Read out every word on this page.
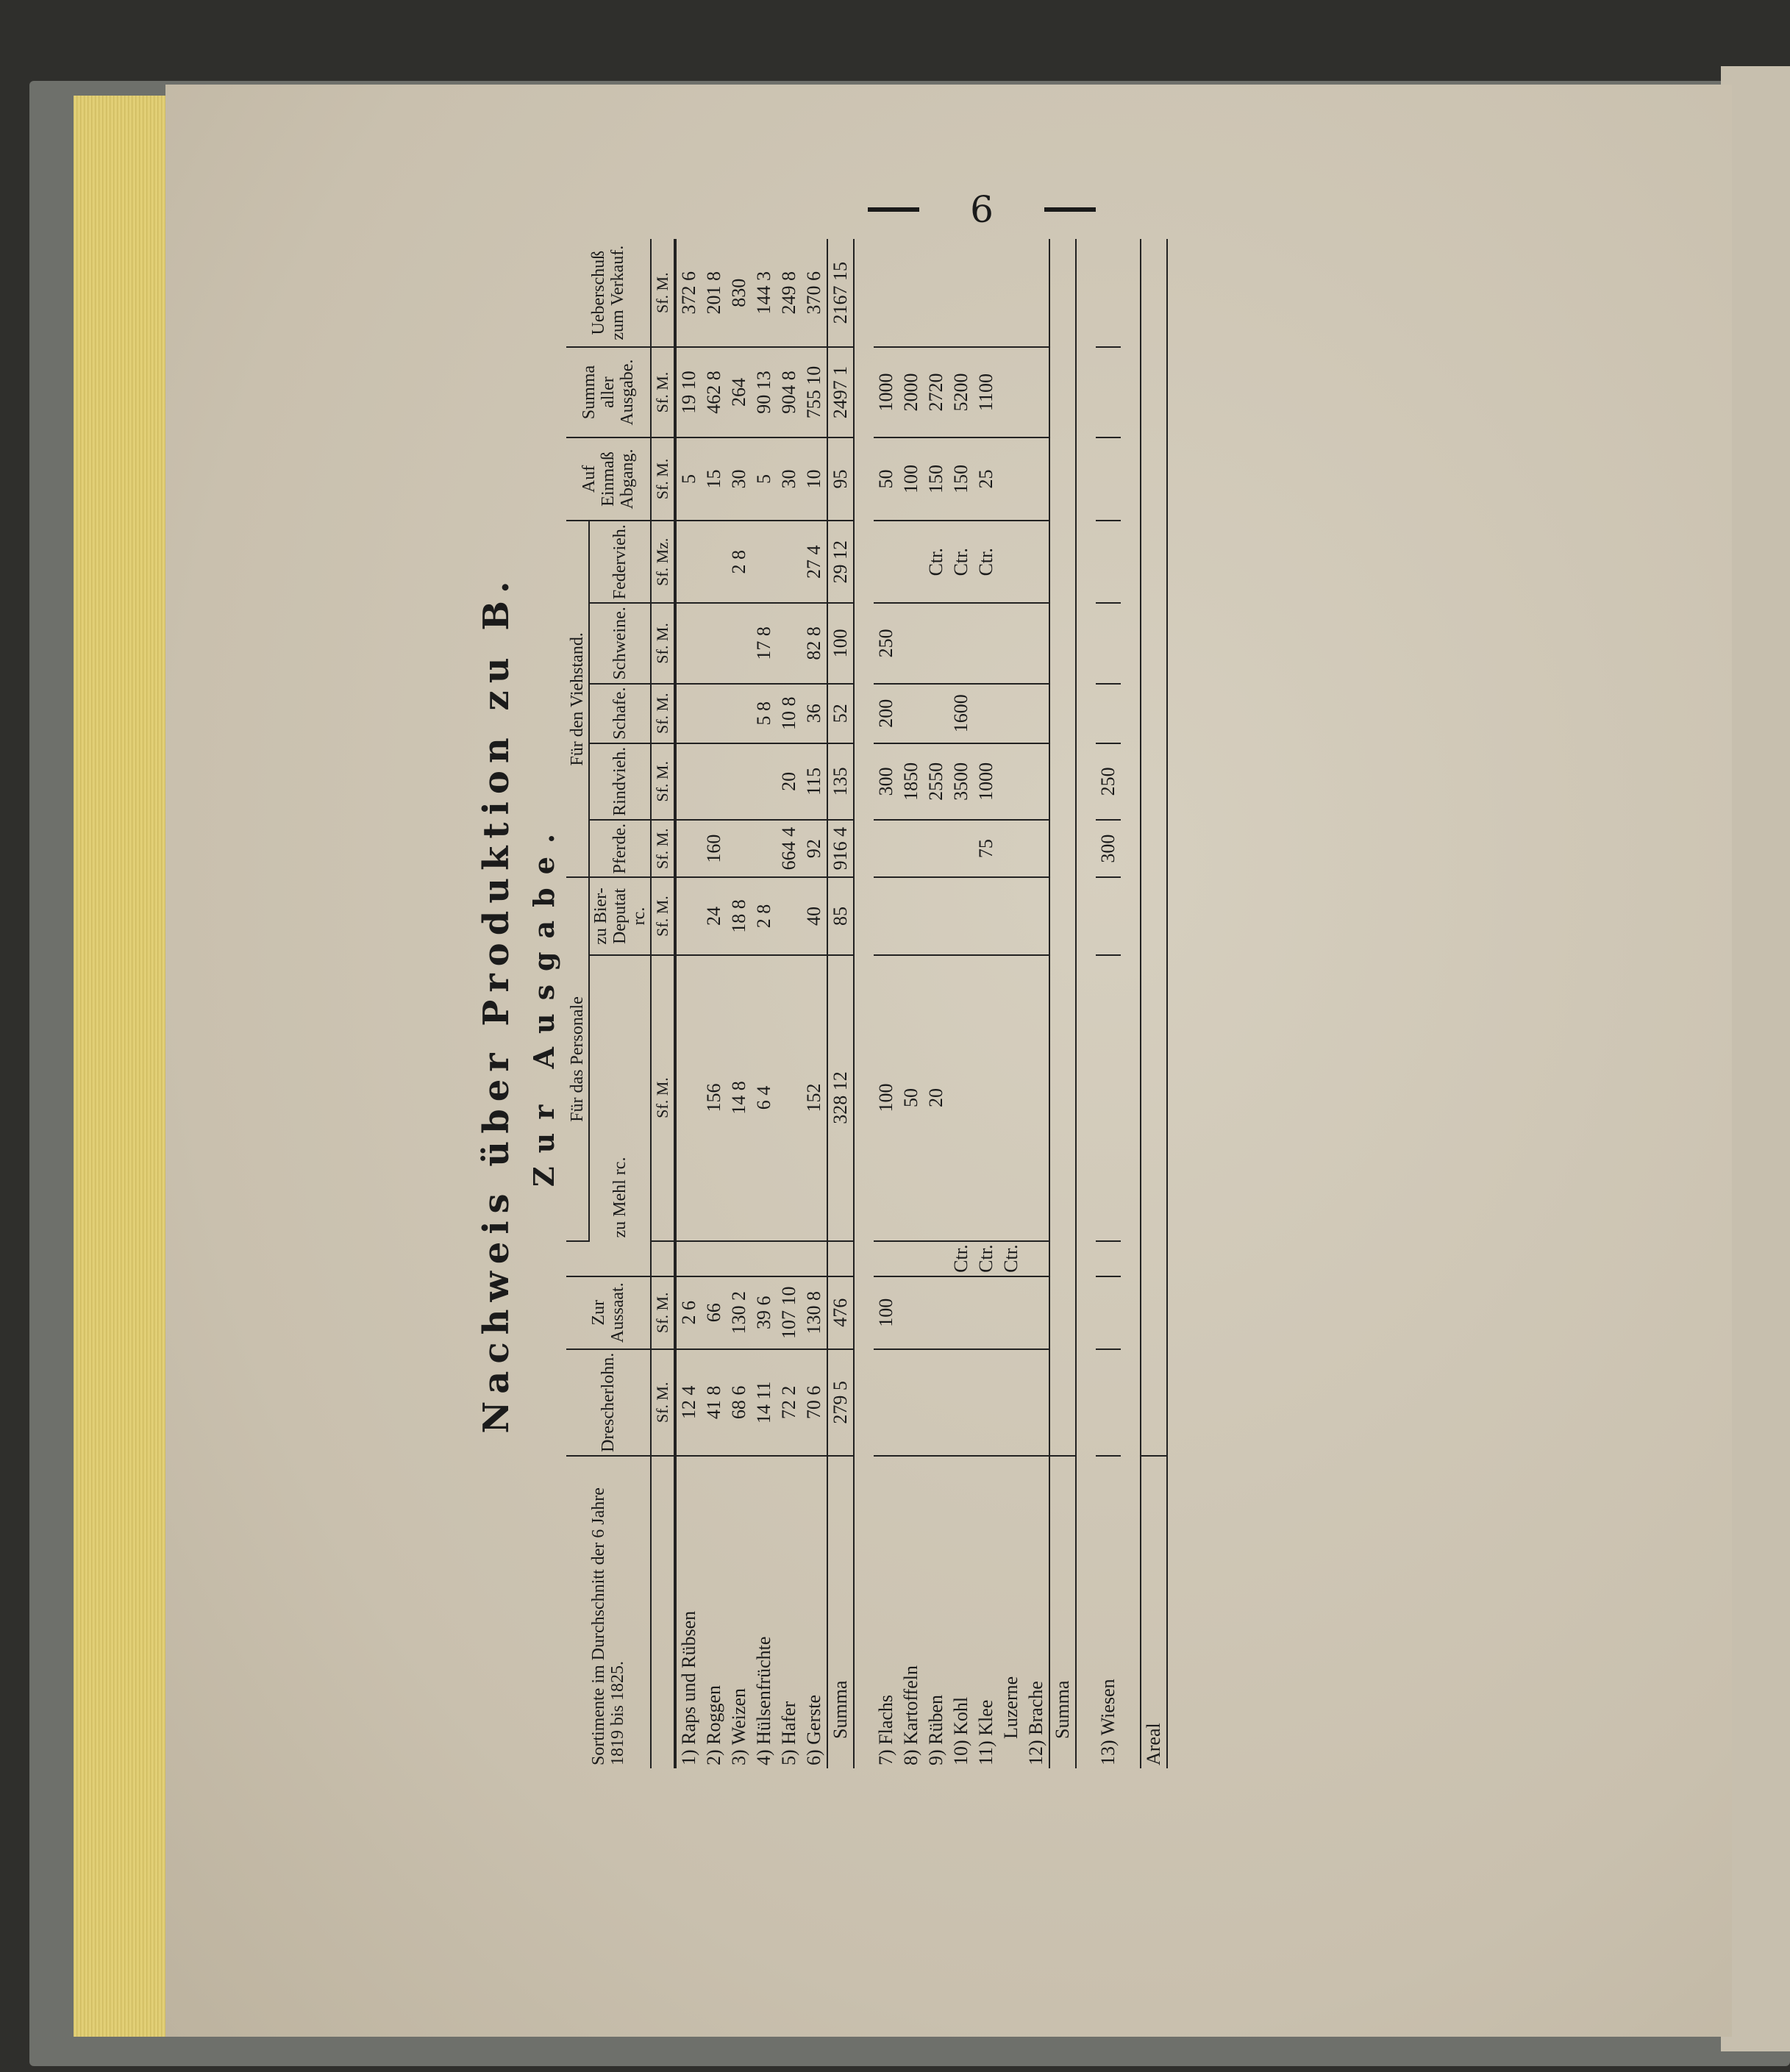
6
Nachweis über Produktion zu B. Zur Ausgabe.
Sortimente im Durchschnitt der 6 Jahre 1819 bis 1825.	Drescherlohn.	Zur Aussaat.		Für das Personale		Für den Viehstand.					Auf Einmaß Abgang.	Summa aller Ausgabe.	Ueberschuß zum Verkauf.
				zu Mehl rc.	zu Bier-Deputat rc.	Pferde.	Rindvieh.	Schafe.	Schweine.	Federvieh.			
	Sf. M.	Sf. M.		Sf. M.	Sf. M.	Sf. M.	Sf. M.	Sf. M.	Sf. M.	Sf. Mz.	Sf. M.	Sf. M.	Sf. M.
1) Raps und Rübsen	12 4	2 6									5	19 10	372 6
2) Roggen	41 8	66		156	24	160					15	462 8	201 8
3) Weizen	68 6	130 2		14 8	18 8					2 8	30	264	830
4) Hülsenfrüchte	14 11	39 6		6 4	2 8			5 8	17 8		5	90 13	144 3
5) Hafer	72 2	107 10				664 4	20	10 8			30	904 8	249 8
6) Gerste	70 6	130 8		152	40	92	115	36	82 8	27 4	10	755 10	370 6
Summa	279 5	476		328 12	85	916 4	135	52	100	29 12	95	2497 1	2167 15

7) Flachs		100		100			300	200	250		50	1000	
8) Kartoffeln				50			1850				100	2000	
9) Rüben				20			2550			Ctr.	150	2720	
10) Kohl			Ctr.				3500	1600		Ctr.	150	5200	
11) Klee			Ctr.			75	1000			Ctr.	25	1100	
Luzerne			Ctr.										
12) Brache													
Summa													

13) Wiesen						300	250						

Areal													
